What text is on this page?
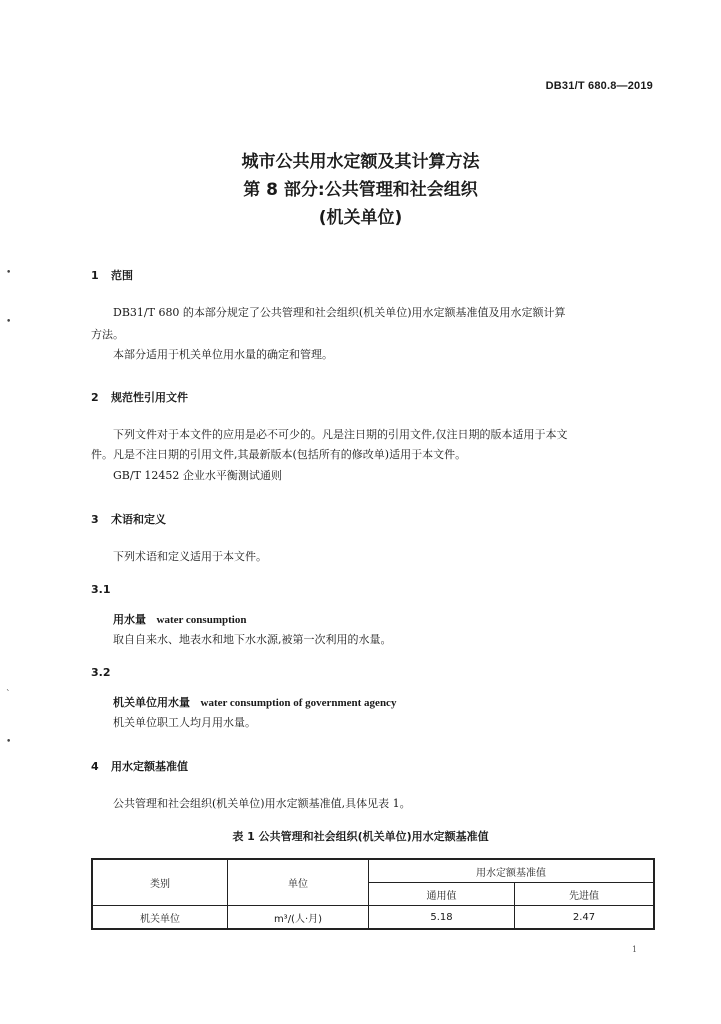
DB31/T 680.8—2019
城市公共用水定额及其计算方法
第 8 部分:公共管理和社会组织
(机关单位)
•
•
`
•
1 范围
DB31/T 680 的本部分规定了公共管理和社会组织(机关单位)用水定额基准值及用水定额计算
方法。
本部分适用于机关单位用水量的确定和管理。
2 规范性引用文件
下列文件对于本文件的应用是必不可少的。凡是注日期的引用文件,仅注日期的版本适用于本文
件。凡是不注日期的引用文件,其最新版本(包括所有的修改单)适用于本文件。
GB/T 12452 企业水平衡测试通则
3 术语和定义
下列术语和定义适用于本文件。
3.1
用水量 water consumption
取自自来水、地表水和地下水水源,被第一次利用的水量。
3.2
机关单位用水量 water consumption of government agency
机关单位职工人均月用水量。
4 用水定额基准值
公共管理和社会组织(机关单位)用水定额基准值,具体见表 1。
表 1 公共管理和社会组织(机关单位)用水定额基准值
类别	单位	用水定额基准值	
		通用值	先进值
机关单位	m³/(人·月)	5.18	2.47
1
